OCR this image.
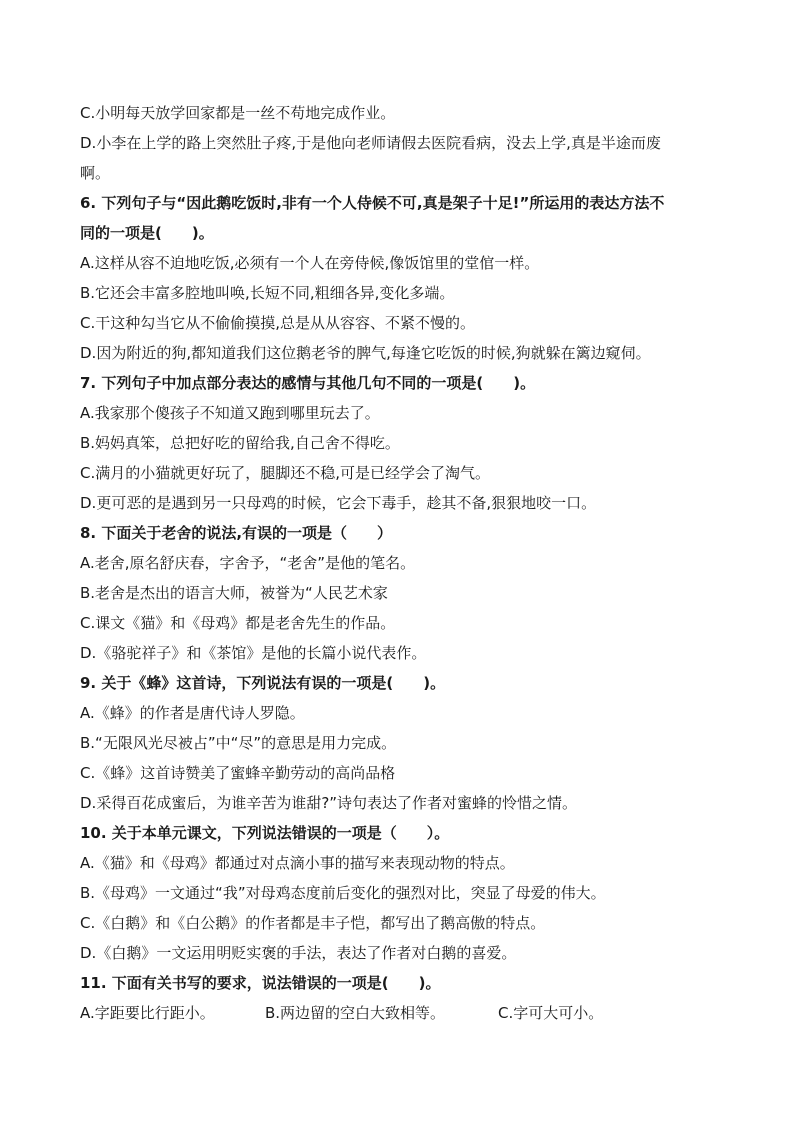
C.小明每天放学回家都是一丝不苟地完成作业。
D.小李在上学的路上突然肚子疼,于是他向老师请假去医院看病，没去上学,真是半途而废
啊。
6. 下列句子与“因此鹅吃饭时,非有一个人侍候不可,真是架子十足!”所运用的表达方法不
同的一项是(　　)。
A.这样从容不迫地吃饭,必须有一个人在旁侍候,像饭馆里的堂倌一样。
B.它还会丰富多腔地叫唤,长短不同,粗细各异,变化多端。
C.干这种勾当它从不偷偷摸摸,总是从从容容、不紧不慢的。
D.因为附近的狗,都知道我们这位鹅老爷的脾气,每逢它吃饭的时候,狗就躲在篱边窥伺。
7. 下列句子中加点部分表达的感情与其他几句不同的一项是(　　)。
A.我家那个傻孩子不知道又跑到哪里玩去了。
B.妈妈真笨，总把好吃的留给我,自己舍不得吃。
C.满月的小猫就更好玩了，腿脚还不稳,可是已经学会了淘气。
D.更可恶的是遇到另一只母鸡的时候，它会下毒手，趁其不备,狠狠地咬一口。
8. 下面关于老舍的说法,有误的一项是（　　）
A.老舍,原名舒庆春，字舍予，“老舍”是他的笔名。
B.老舍是杰出的语言大师，被誉为“人民艺术家
C.课文《猫》和《母鸡》都是老舍先生的作品。
D.《骆驼祥子》和《茶馆》是他的长篇小说代表作。
9. 关于《蜂》这首诗，下列说法有误的一项是(　　)。
A.《蜂》的作者是唐代诗人罗隐。
B.“无限风光尽被占”中“尽”的意思是用力完成。
C.《蜂》这首诗赞美了蜜蜂辛勤劳动的高尚品格
D.采得百花成蜜后，为谁辛苦为谁甜?”诗句表达了作者对蜜蜂的怜惜之情。
10. 关于本单元课文，下列说法错误的一项是（　　）。
A.《猫》和《母鸡》都通过对点滴小事的描写来表现动物的特点。
B.《母鸡》一文通过“我”对母鸡态度前后变化的强烈对比，突显了母爱的伟大。
C.《白鹅》和《白公鹅》的作者都是丰子恺，都写出了鹅高傲的特点。
D.《白鹅》一文运用明贬实褒的手法，表达了作者对白鹅的喜爱。
11. 下面有关书写的要求，说法错误的一项是(　　)。
A.字距要比行距小。	B.两边留的空白大致相等。	C.字可大可小。
